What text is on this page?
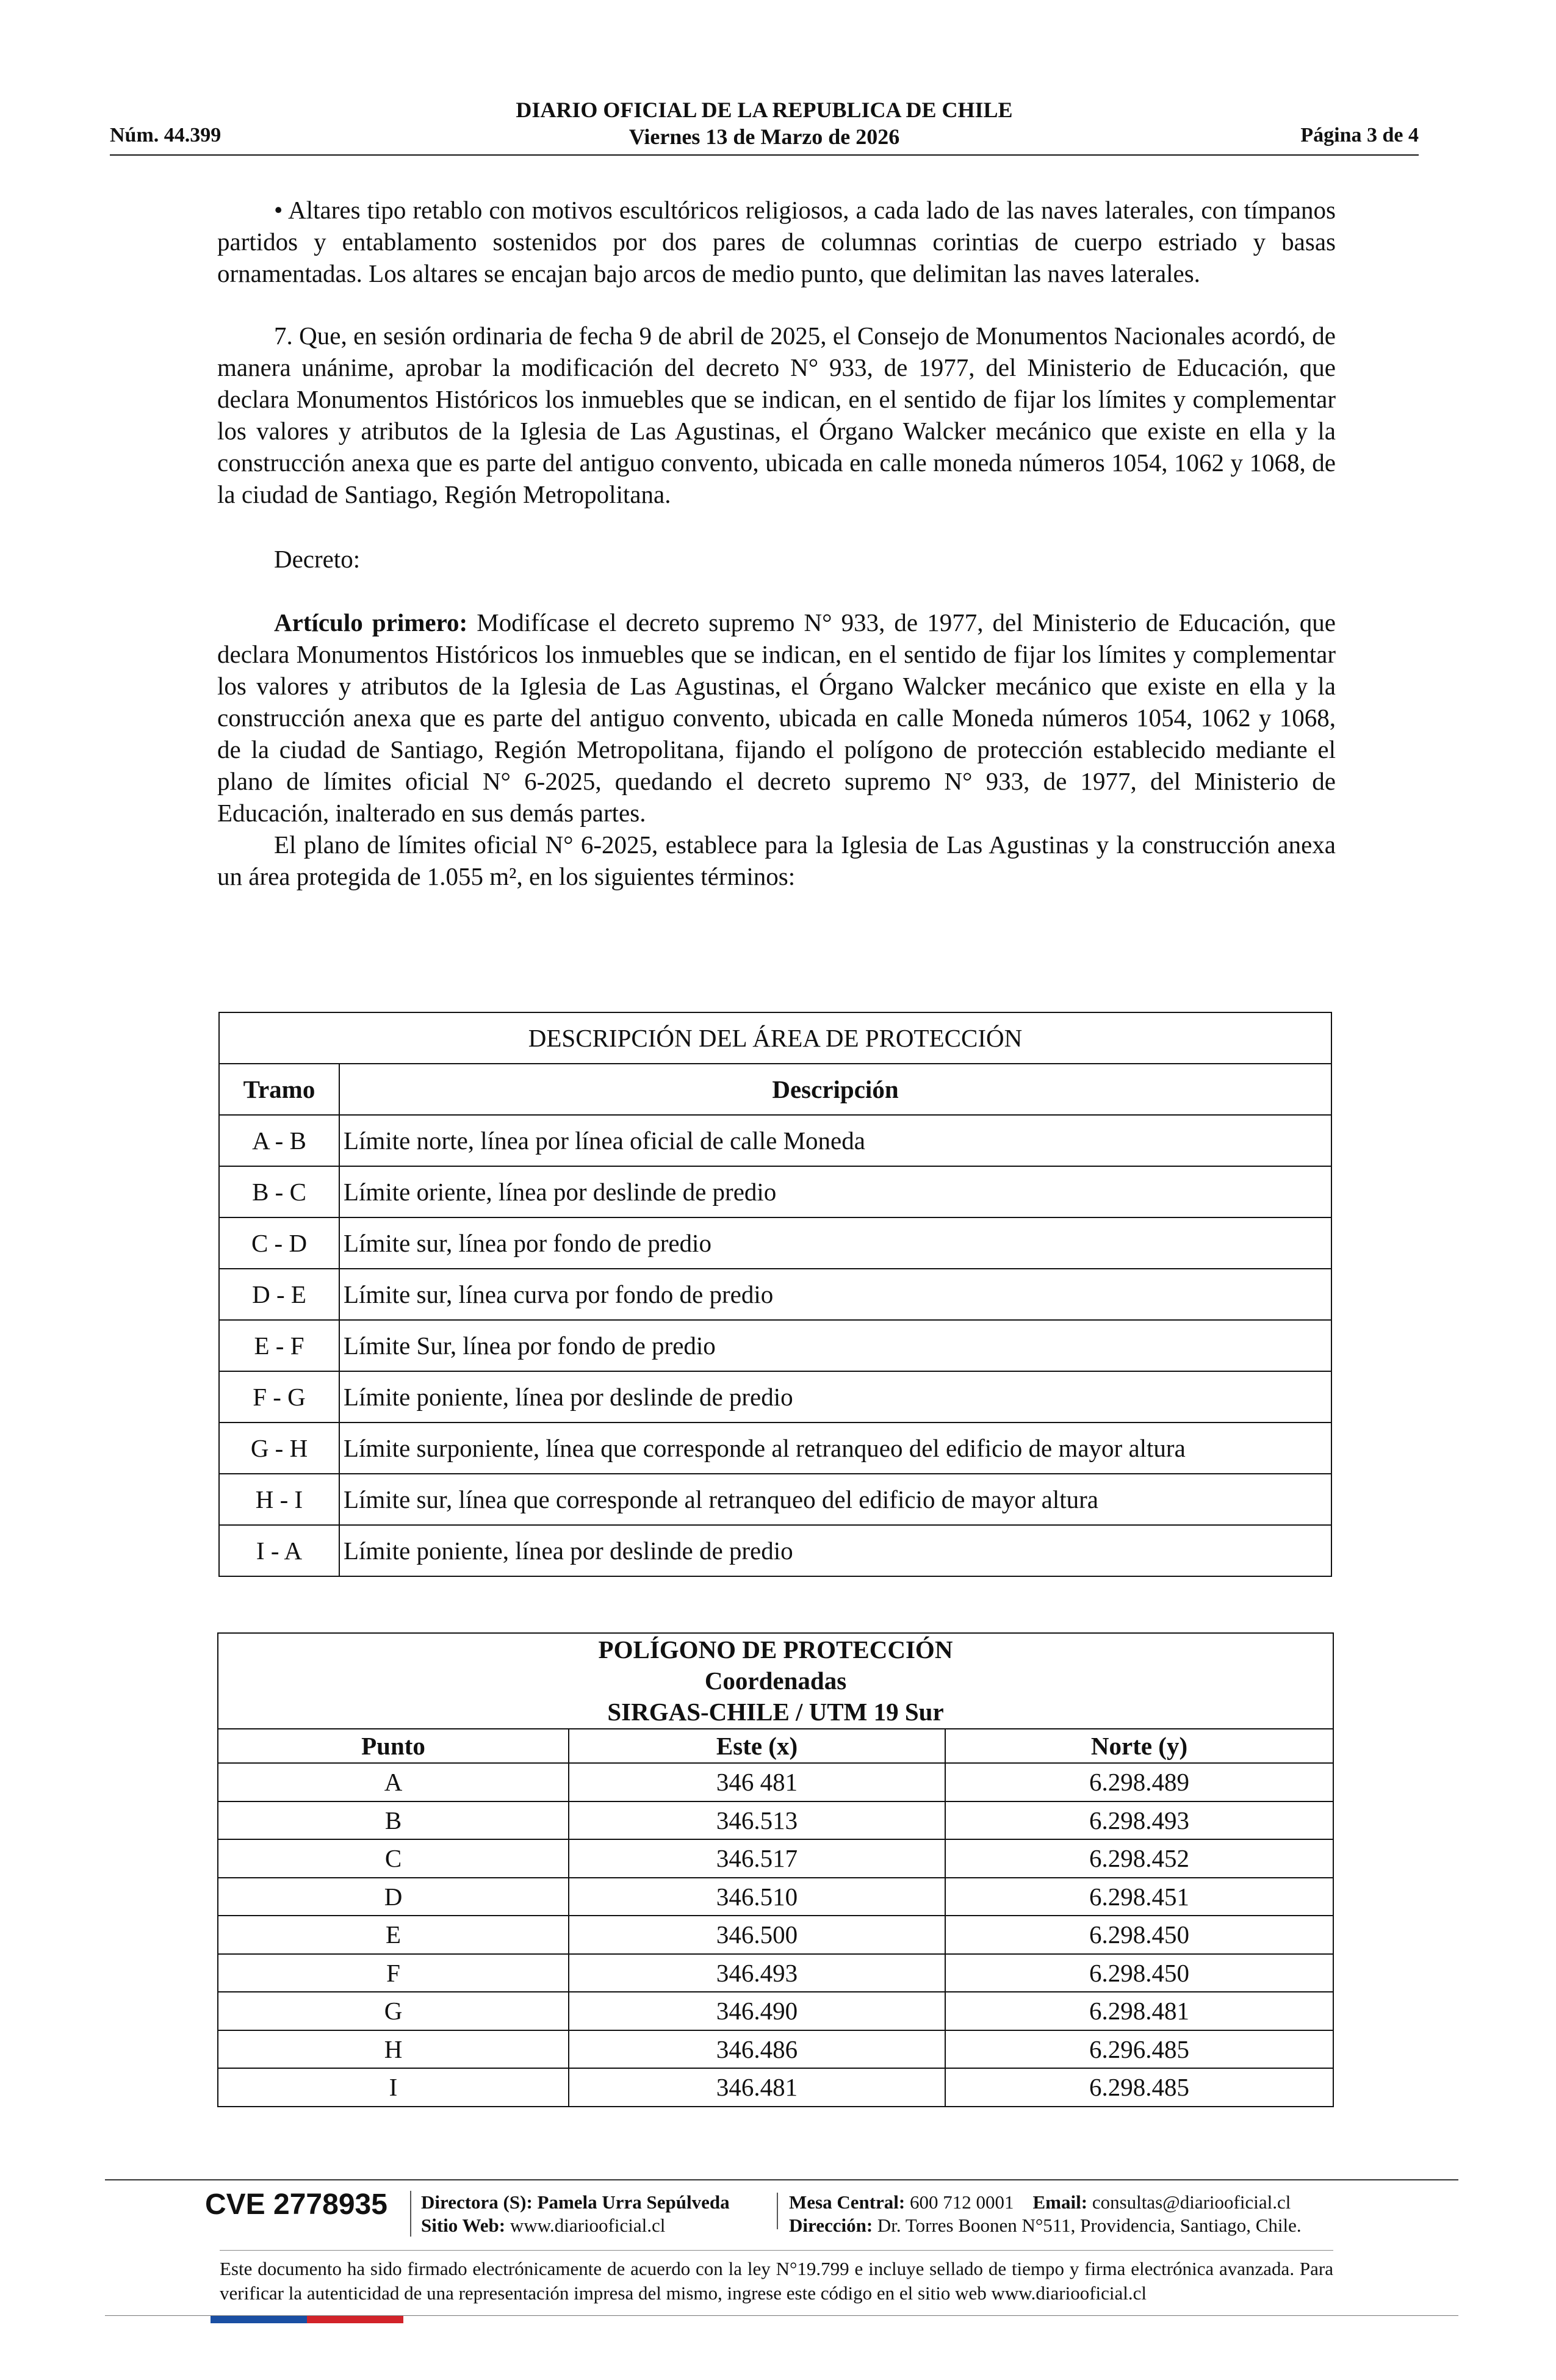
DIARIO OFICIAL DE LA REPUBLICA DE CHILE
Viernes 13 de Marzo de 2026
Núm. 44.399	Página 3 de 4

• Altares tipo retablo con motivos escultóricos religiosos, a cada lado de las naves laterales, con tímpanos partidos y entablamento sostenidos por dos pares de columnas corintias de cuerpo estriado y basas ornamentadas. Los altares se encajan bajo arcos de medio punto, que delimitan las naves laterales.

7. Que, en sesión ordinaria de fecha 9 de abril de 2025, el Consejo de Monumentos Nacionales acordó, de manera unánime, aprobar la modificación del decreto N° 933, de 1977, del Ministerio de Educación, que declara Monumentos Históricos los inmuebles que se indican, en el sentido de fijar los límites y complementar los valores y atributos de la Iglesia de Las Agustinas, el Órgano Walcker mecánico que existe en ella y la construcción anexa que es parte del antiguo convento, ubicada en calle moneda números 1054, 1062 y 1068, de la ciudad de Santiago, Región Metropolitana.

Decreto:

Artículo primero: Modifícase el decreto supremo N° 933, de 1977, del Ministerio de Educación, que declara Monumentos Históricos los inmuebles que se indican, en el sentido de fijar los límites y complementar los valores y atributos de la Iglesia de Las Agustinas, el Órgano Walcker mecánico que existe en ella y la construcción anexa que es parte del antiguo convento, ubicada en calle Moneda números 1054, 1062 y 1068, de la ciudad de Santiago, Región Metropolitana, fijando el polígono de protección establecido mediante el plano de límites oficial N° 6-2025, quedando el decreto supremo N° 933, de 1977, del Ministerio de Educación, inalterado en sus demás partes.

El plano de límites oficial N° 6-2025, establece para la Iglesia de Las Agustinas y la construcción anexa un área protegida de 1.055 m², en los siguientes términos:

DESCRIPCIÓN DEL ÁREA DE PROTECCIÓN	
Tramo	Descripción
A - B	Límite norte, línea por línea oficial de calle Moneda
B - C	Límite oriente, línea por deslinde de predio
C - D	Límite sur, línea por fondo de predio
D - E	Límite sur, línea curva por fondo de predio
E - F	Límite Sur, línea por fondo de predio
F - G	Límite poniente, línea por deslinde de predio
G - H	Límite surponiente, línea que corresponde al retranqueo del edificio de mayor altura
H - I	Límite sur, línea que corresponde al retranqueo del edificio de mayor altura
I - A	Límite poniente, línea por deslinde de predio
POLÍGONO DE PROTECCIÓN
Coordenadas
SIRGAS-CHILE / UTM 19 Sur		

Punto	Este (x)	Norte (y)
A	346 481	6.298.489
B	346.513	6.298.493
C	346.517	6.298.452
D	346.510	6.298.451
E	346.500	6.298.450
F	346.493	6.298.450
G	346.490	6.298.481
H	346.486	6.296.485
I	346.481	6.298.485
CVE 2778935 Directora (S): Pamela Urra Sepúlveda
Sitio Web: www.diariooficial.cl
Mesa Central: 600 712 0001 Email: consultas@diariooficial.cl
Dirección: Dr. Torres Boonen N°511, Providencia, Santiago, Chile.
Este documento ha sido firmado electrónicamente de acuerdo con la ley N°19.799 e incluye sellado de tiempo y firma electrónica avanzada. Para verificar la autenticidad de una representación impresa del mismo, ingrese este código en el sitio web www.diariooficial.cl
